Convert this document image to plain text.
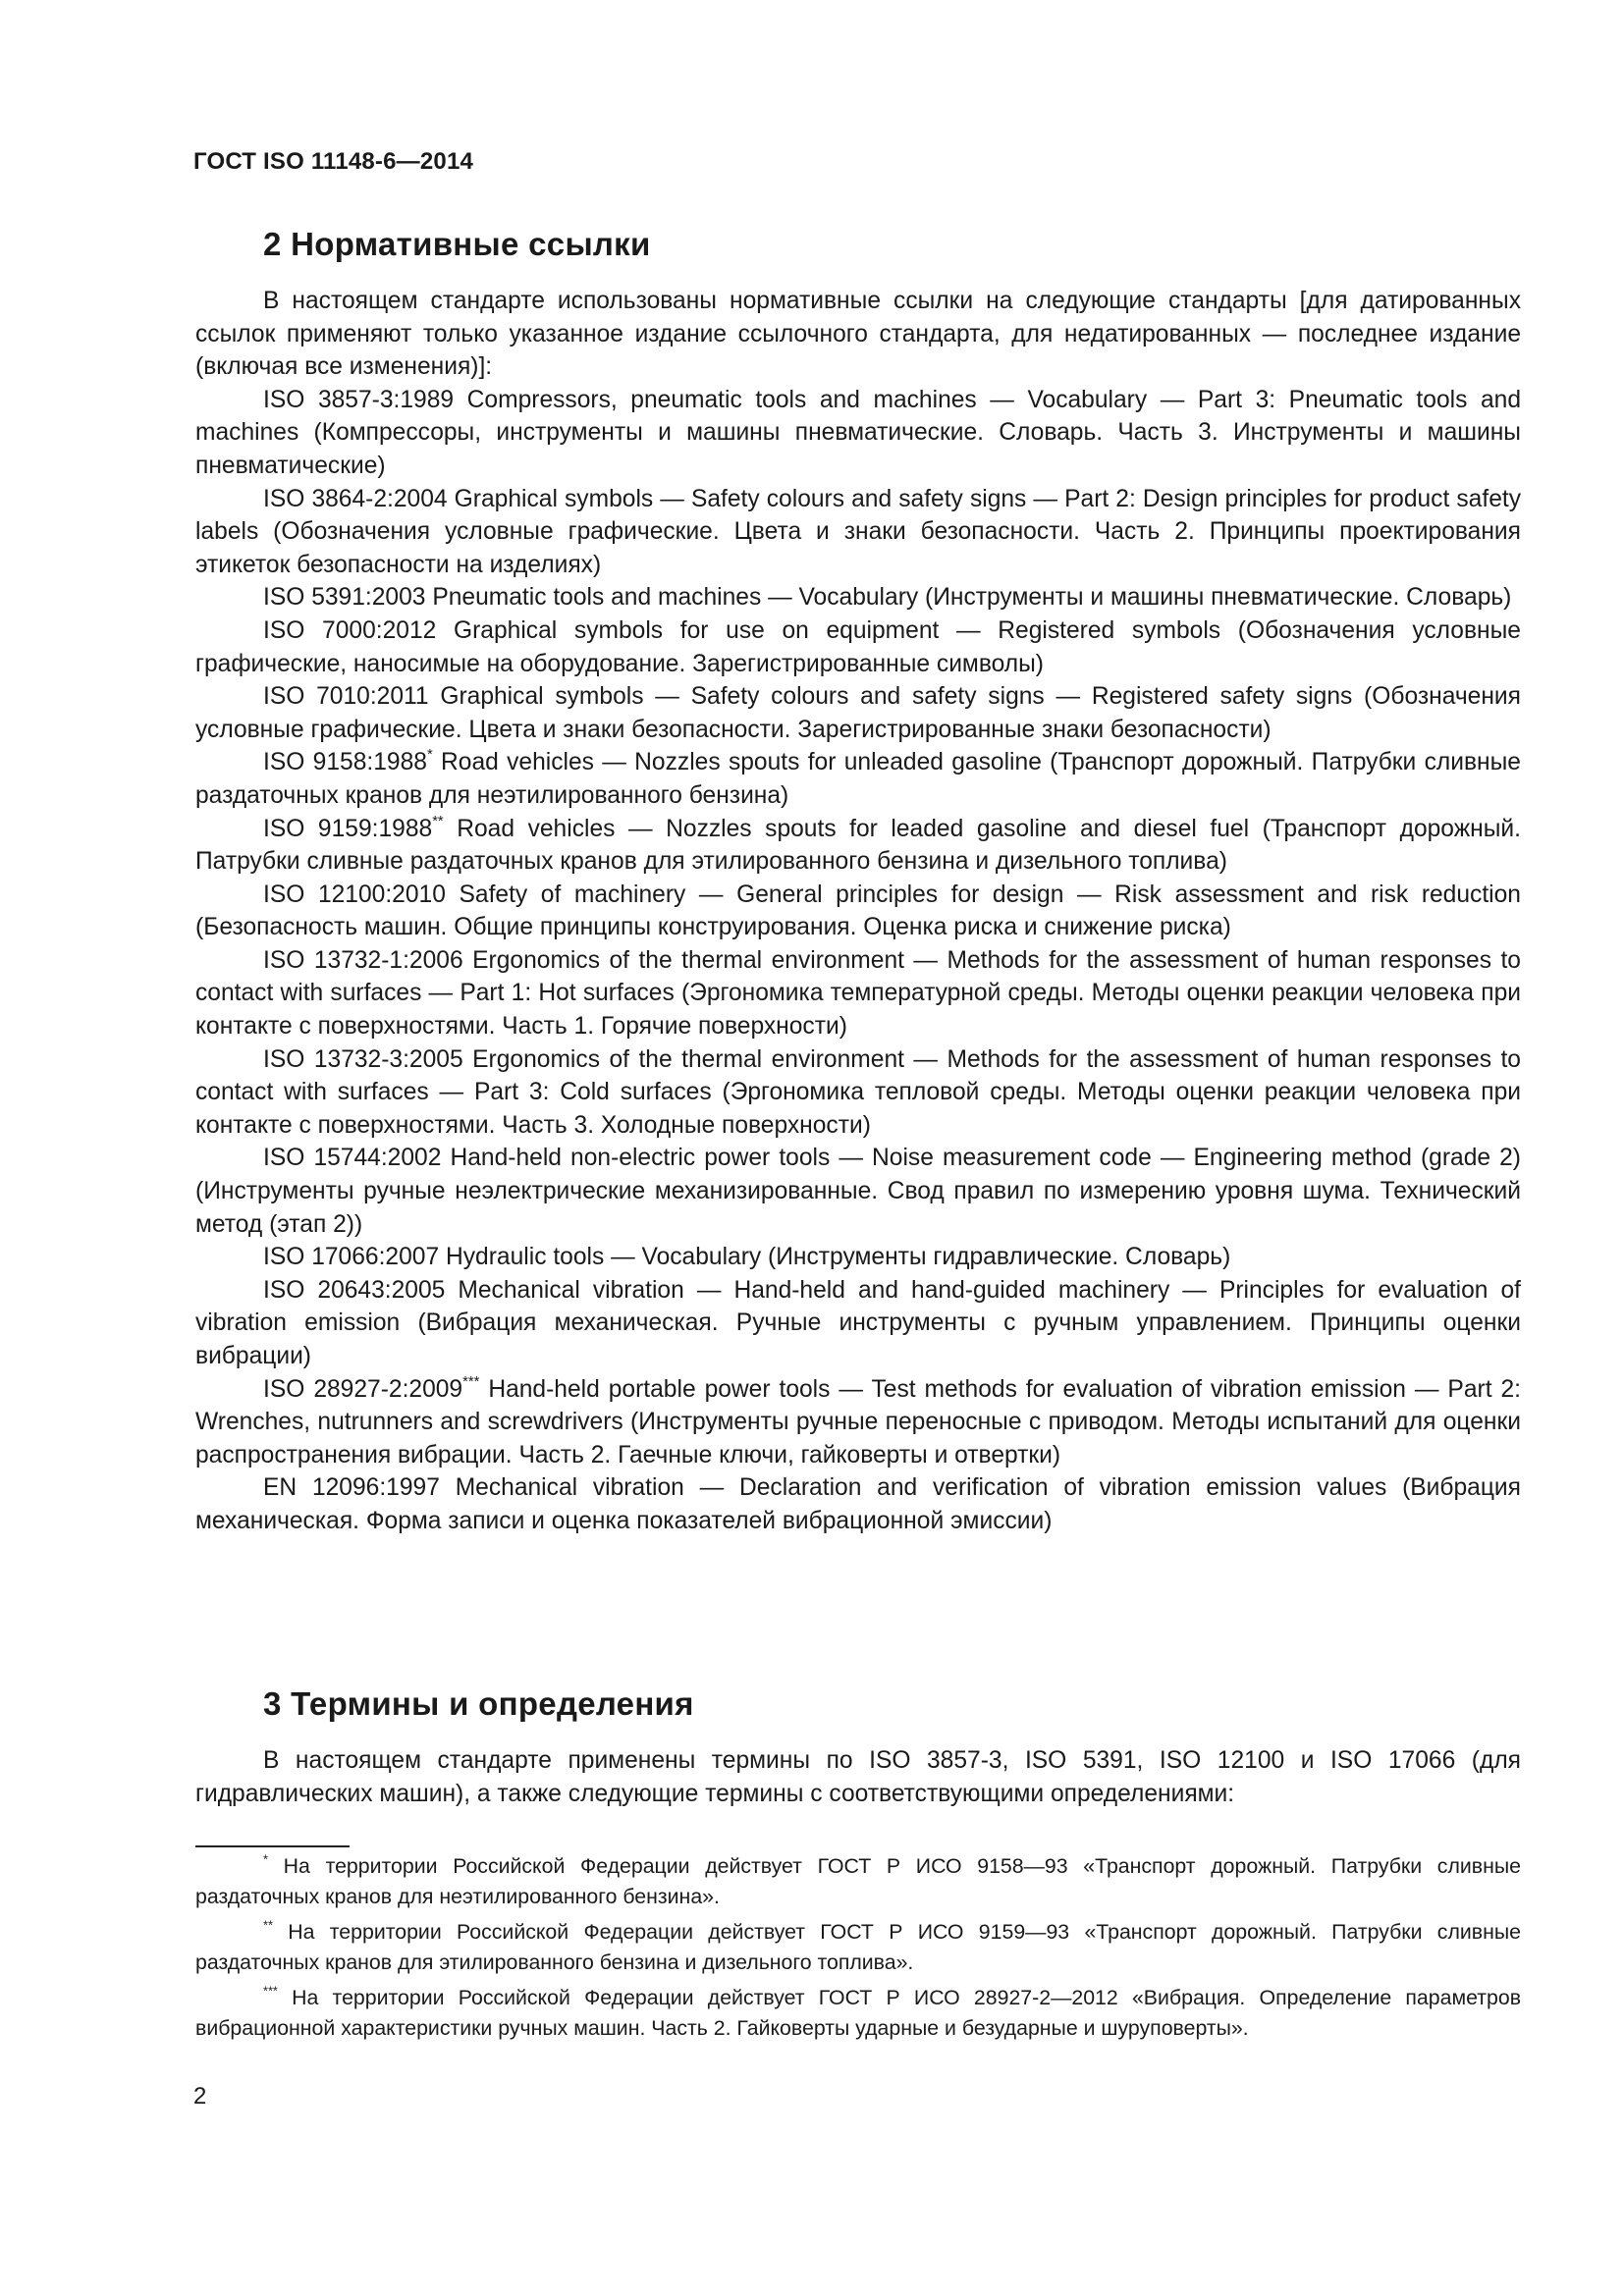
ГОСТ ISO 11148-6—2014
2 Нормативные ссылки

В настоящем стандарте использованы нормативные ссылки на следующие стандарты [для датированных ссылок применяют только указанное издание ссылочного стандарта, для недатированных — последнее издание (включая все изменения)]:

ISO 3857-3:1989 Compressors, pneumatic tools and machines — Vocabulary — Part 3: Pneumatic tools and machines (Компрессоры, инструменты и машины пневматические. Словарь. Часть 3. Инструменты и машины пневматические)

ISO 3864-2:2004 Graphical symbols — Safety colours and safety signs — Part 2: Design principles for product safety labels (Обозначения условные графические. Цвета и знаки безопасности. Часть 2. Принципы проектирования этикеток безопасности на изделиях)

ISO 5391:2003 Pneumatic tools and machines — Vocabulary (Инструменты и машины пневматические. Словарь)

ISO 7000:2012 Graphical symbols for use on equipment — Registered symbols (Обозначения условные графические, наносимые на оборудование. Зарегистрированные символы)

ISO 7010:2011 Graphical symbols — Safety colours and safety signs — Registered safety signs (Обозначения условные графические. Цвета и знаки безопасности. Зарегистрированные знаки безопасности)

ISO 9158:1988* Road vehicles — Nozzles spouts for unleaded gasoline (Транспорт дорожный. Патрубки сливные раздаточных кранов для неэтилированного бензина)

ISO 9159:1988** Road vehicles — Nozzles spouts for leaded gasoline and diesel fuel (Транспорт дорожный. Патрубки сливные раздаточных кранов для этилированного бензина и дизельного топлива)

ISO 12100:2010 Safety of machinery — General principles for design — Risk assessment and risk reduction (Безопасность машин. Общие принципы конструирования. Оценка риска и снижение риска)

ISO 13732-1:2006 Ergonomics of the thermal environment — Methods for the assessment of human responses to contact with surfaces — Part 1: Hot surfaces (Эргономика температурной среды. Методы оценки реакции человека при контакте с поверхностями. Часть 1. Горячие поверхности)

ISO 13732-3:2005 Ergonomics of the thermal environment — Methods for the assessment of human responses to contact with surfaces — Part 3: Cold surfaces (Эргономика тепловой среды. Методы оценки реакции человека при контакте с поверхностями. Часть 3. Холодные поверхности)

ISO 15744:2002 Hand-held non-electric power tools — Noise measurement code — Engineering method (grade 2) (Инструменты ручные неэлектрические механизированные. Свод правил по измерению уровня шума. Технический метод (этап 2))

ISO 17066:2007 Hydraulic tools — Vocabulary (Инструменты гидравлические. Словарь)

ISO 20643:2005 Mechanical vibration — Hand-held and hand-guided machinery — Principles for evaluation of vibration emission (Вибрация механическая. Ручные инструменты с ручным управлением. Принципы оценки вибрации)

ISO 28927-2:2009*** Hand-held portable power tools — Test methods for evaluation of vibration emission — Part 2: Wrenches, nutrunners and screwdrivers (Инструменты ручные переносные с приводом. Методы испытаний для оценки распространения вибрации. Часть 2. Гаечные ключи, гайковерты и отвертки)

EN 12096:1997 Mechanical vibration — Declaration and verification of vibration emission values (Вибрация механическая. Форма записи и оценка показателей вибрационной эмиссии)

3 Термины и определения

В настоящем стандарте применены термины по ISO 3857-3, ISO 5391, ISO 12100 и ISO 17066 (для гидравлических машин), а также следующие термины с соответствующими определениями:

* На территории Российской Федерации действует ГОСТ Р ИСО 9158—93 «Транспорт дорожный. Патрубки сливные раздаточных кранов для неэтилированного бензина».

** На территории Российской Федерации действует ГОСТ Р ИСО 9159—93 «Транспорт дорожный. Патрубки сливные раздаточных кранов для этилированного бензина и дизельного топлива».

*** На территории Российской Федерации действует ГОСТ Р ИСО 28927-2—2012 «Вибрация. Определение параметров вибрационной характеристики ручных машин. Часть 2. Гайковерты ударные и безударные и шуруповерты».

2
